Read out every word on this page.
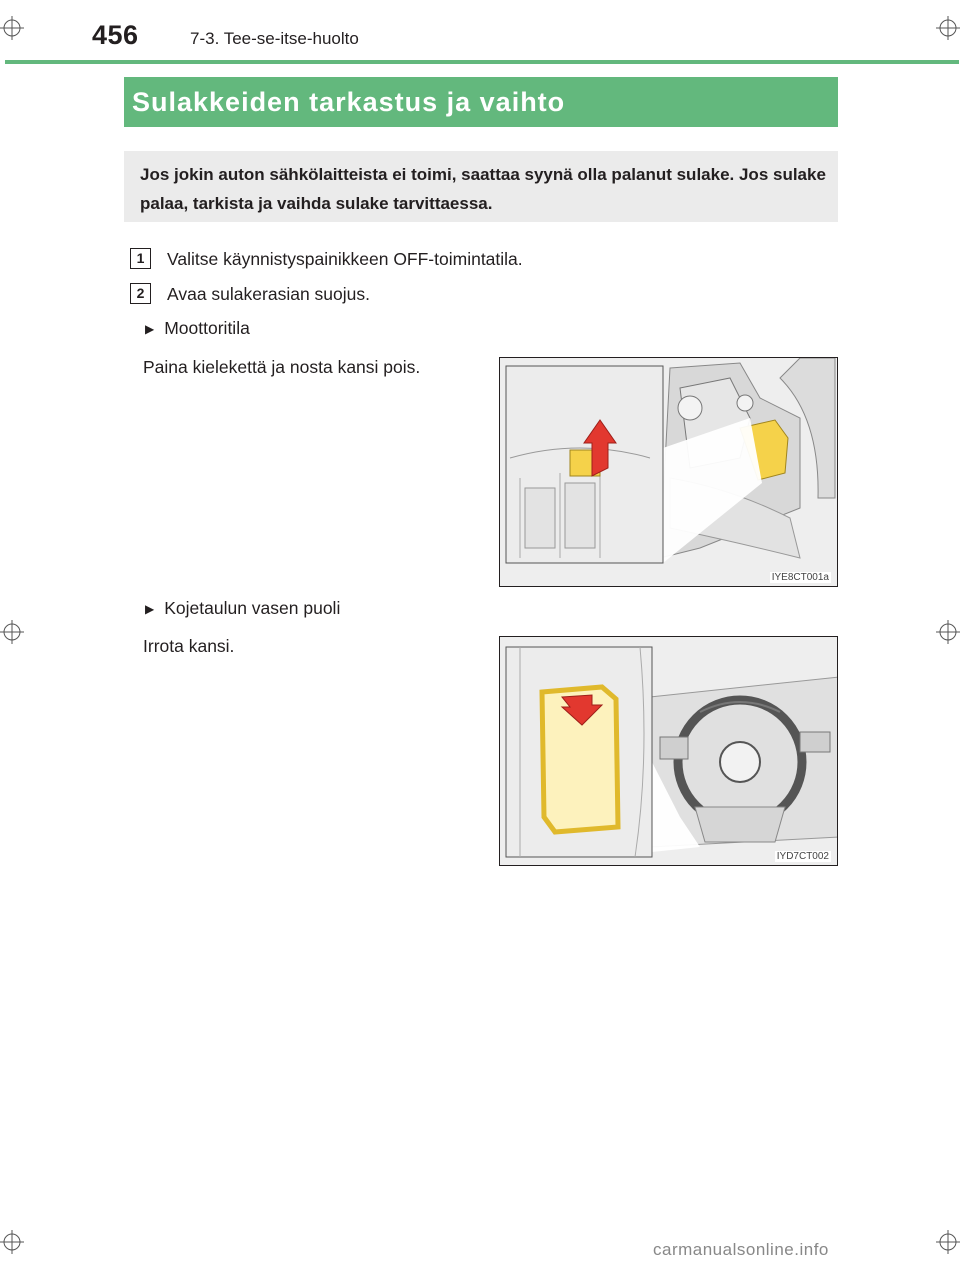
456	7-3. Tee-se-itse-huolto
Sulakkeiden tarkastus ja vaihto
Jos jokin auton sähkölaitteista ei toimi, saattaa syynä olla palanut sulake. Jos sulake palaa, tarkista ja vaihda sulake tarvittaessa.
1	Valitse käynnistyspainikkeen OFF-toimintatila.
2	Avaa sulakerasian suojus.
▶ Moottoritila
Paina kielekettä ja nosta kansi pois.
IYE8CT001a
▶ Kojetaulun vasen puoli
Irrota kansi.
IYD7CT002
carmanualsonline.info
